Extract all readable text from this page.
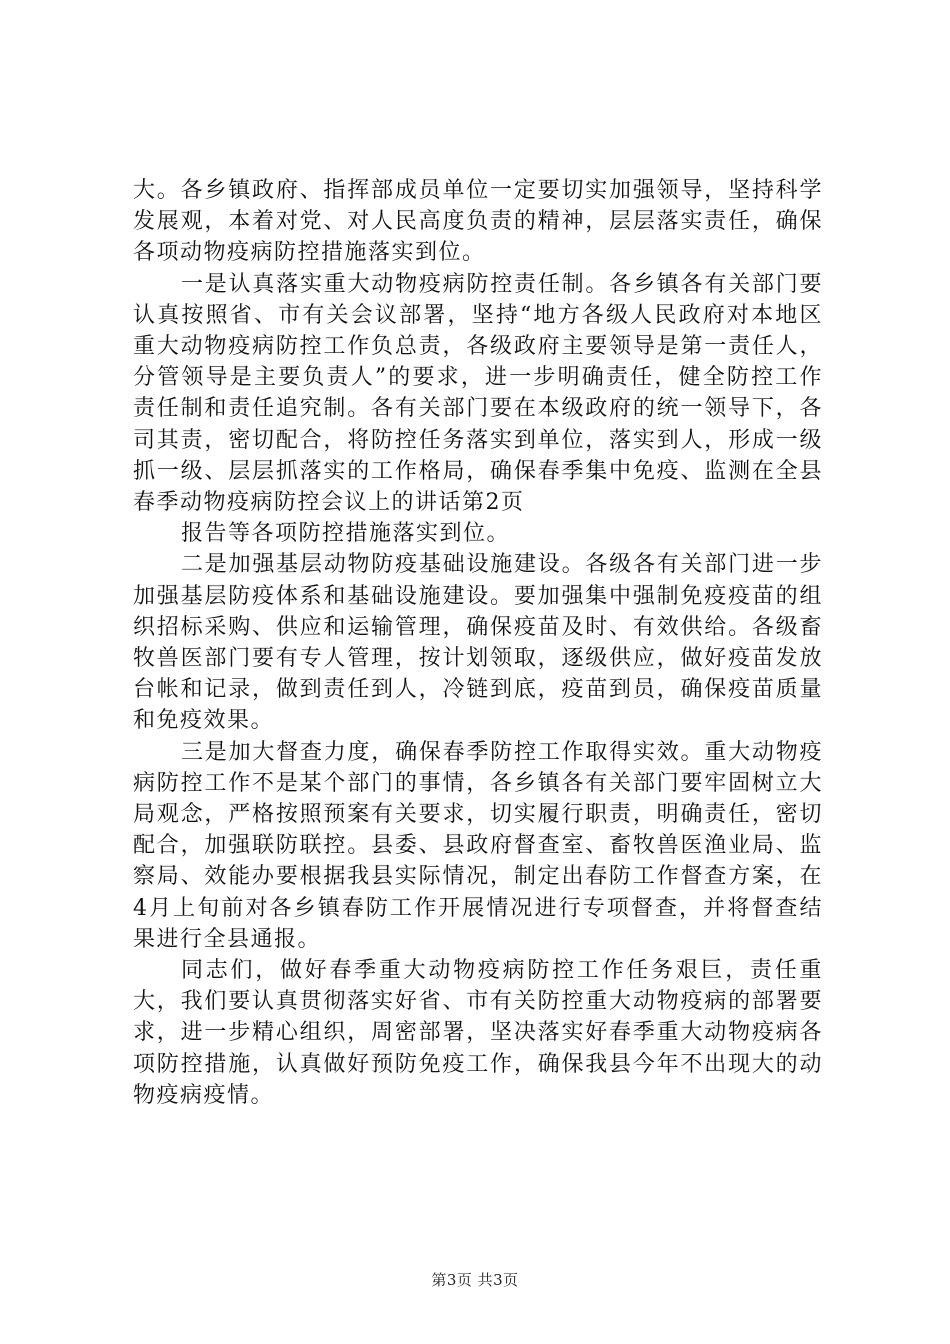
大。各乡镇政府、指挥部成员单位一定要切实加强领导，坚持科学发展观，本着对党、对人民高度负责的精神，层层落实责任，确保各项动物疫病防控措施落实到位。

一是认真落实重大动物疫病防控责任制。各乡镇各有关部门要认真按照省、市有关会议部署，坚持“地方各级人民政府对本地区重大动物疫病防控工作负总责，各级政府主要领导是第一责任人，分管领导是主要负责人”的要求，进一步明确责任，健全防控工作责任制和责任追究制。各有关部门要在本级政府的统一领导下，各司其责，密切配合，将防控任务落实到单位，落实到人，形成一级抓一级、层层抓落实的工作格局，确保春季集中免疫、监测在全县春季动物疫病防控会议上的讲话第2页

报告等各项防控措施落实到位。

二是加强基层动物防疫基础设施建设。各级各有关部门进一步加强基层防疫体系和基础设施建设。要加强集中强制免疫疫苗的组织招标采购、供应和运输管理，确保疫苗及时、有效供给。各级畜牧兽医部门要有专人管理，按计划领取，逐级供应，做好疫苗发放台帐和记录，做到责任到人，冷链到底，疫苗到员，确保疫苗质量和免疫效果。

三是加大督查力度，确保春季防控工作取得实效。重大动物疫病防控工作不是某个部门的事情，各乡镇各有关部门要牢固树立大局观念，严格按照预案有关要求，切实履行职责，明确责任，密切配合，加强联防联控。县委、县政府督查室、畜牧兽医渔业局、监察局、效能办要根据我县实际情况，制定出春防工作督查方案，在4月上旬前对各乡镇春防工作开展情况进行专项督查，并将督查结果进行全县通报。

同志们，做好春季重大动物疫病防控工作任务艰巨，责任重大，我们要认真贯彻落实好省、市有关防控重大动物疫病的部署要求，进一步精心组织，周密部署，坚决落实好春季重大动物疫病各项防控措施，认真做好预防免疫工作，确保我县今年不出现大的动物疫病疫情。

第3页 共3页
